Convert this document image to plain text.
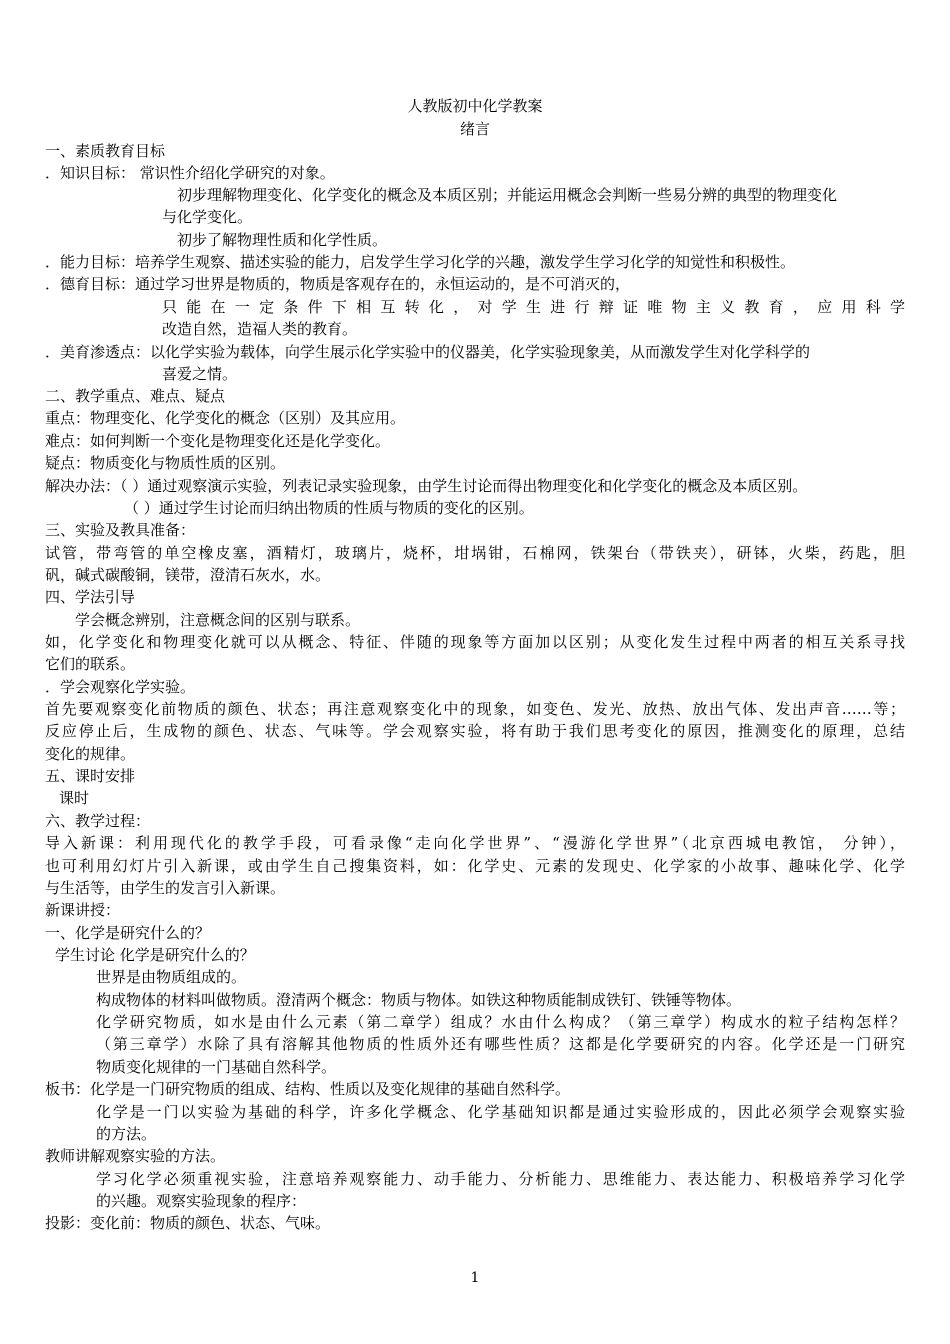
人教版初中化学教案

绪言

一、素质教育目标

．知识目标： 常识性介绍化学研究的对象。

初步理解物理变化、化学变化的概念及本质区别；并能运用概念会判断一些易分辨的典型的物理变化

与化学变化。

初步了解物理性质和化学性质。

．能力目标：培养学生观察、描述实验的能力，启发学生学习化学的兴趣，激发学生学习化学的知觉性和积极性。

．德育目标：通过学习世界是物质的，物质是客观存在的，永恒运动的，是不可消灭的，

只能在一定条件下相互转化，对学生进行辩证唯物主义教育，应用科学

改造自然，造福人类的教育。

．美育渗透点：以化学实验为载体，向学生展示化学实验中的仪器美，化学实验现象美，从而激发学生对化学科学的

喜爱之情。

二、教学重点、难点、疑点

重点：物理变化、化学变化的概念（区别）及其应用。

难点：如何判断一个变化是物理变化还是化学变化。

疑点：物质变化与物质性质的区别。

解决办法：（ ）通过观察演示实验，列表记录实验现象，由学生讨论而得出物理变化和化学变化的概念及本质区别。

（ ）通过学生讨论而归纳出物质的性质与物质的变化的区别。

三、实验及教具准备：

试管，带弯管的单空橡皮塞，酒精灯，玻璃片，烧杯，坩埚钳，石棉网，铁架台（带铁夹），研钵，火柴，药匙，胆

矾，碱式碳酸铜，镁带，澄清石灰水，水。

四、学法引导

学会概念辨别，注意概念间的区别与联系。

如，化学变化和物理变化就可以从概念、特征、伴随的现象等方面加以区别；从变化发生过程中两者的相互关系寻找

它们的联系。

．学会观察化学实验。

首先要观察变化前物质的颜色、状态；再注意观察变化中的现象，如变色、发光、放热、放出气体、发出声音……等；

反应停止后，生成物的颜色、状态、气味等。学会观察实验，将有助于我们思考变化的原因，推测变化的原理，总结

变化的规律。

五、课时安排

课时

六、教学过程：

导入新课：利用现代化的教学手段，可看录像“走向化学世界”、“漫游化学世界”（北京西城电教馆， 分钟），

也可利用幻灯片引入新课，或由学生自己搜集资料，如：化学史、元素的发现史、化学家的小故事、趣味化学、化学

与生活等，由学生的发言引入新课。

新课讲授：

一、化学是研究什么的？

学生讨论 化学是研究什么的？

世界是由物质组成的。

构成物体的材料叫做物质。澄清两个概念：物质与物体。如铁这种物质能制成铁钉、铁锤等物体。

化学研究物质，如水是由什么元素（第二章学）组成？水由什么构成？（第三章学）构成水的粒子结构怎样？

（第三章学）水除了具有溶解其他物质的性质外还有哪些性质？这都是化学要研究的内容。化学还是一门研究

物质变化规律的一门基础自然科学。

板书：化学是一门研究物质的组成、结构、性质以及变化规律的基础自然科学。

化学是一门以实验为基础的科学，许多化学概念、化学基础知识都是通过实验形成的，因此必须学会观察实验

的方法。

教师讲解观察实验的方法。

学习化学必须重视实验，注意培养观察能力、动手能力、分析能力、思维能力、表达能力、积极培养学习化学

的兴趣。观察实验现象的程序：

投影：变化前：物质的颜色、状态、气味。

1
